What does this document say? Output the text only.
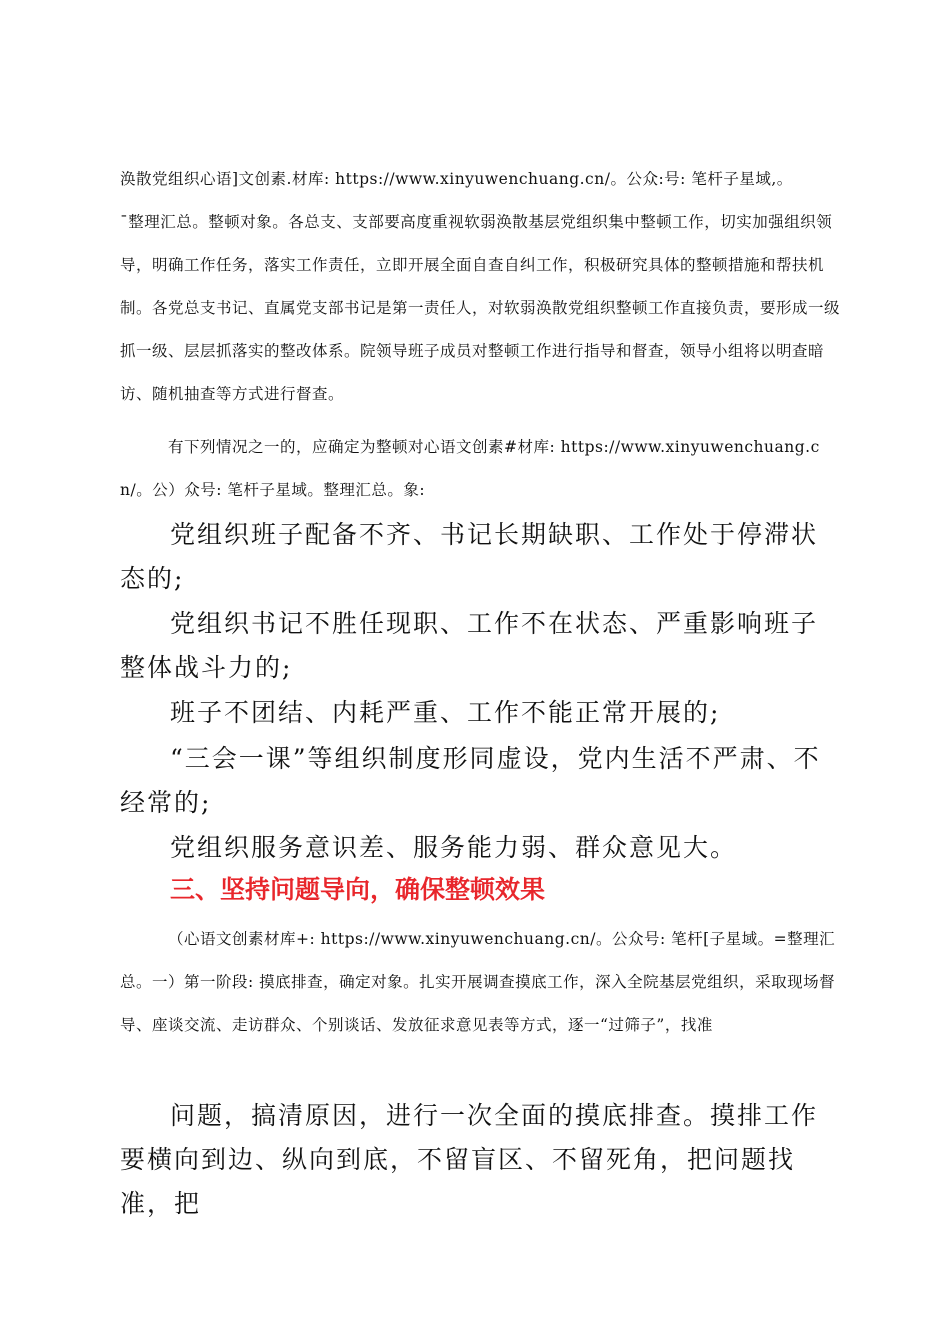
涣散党组织心语]文创素.材库: https://www.xinyuwenchuang.cn/。公众:号: 笔杆子星域,。

¯整理汇总。整顿对象。各总支、支部要高度重视软弱涣散基层党组织集中整顿工作，切实加强组织领导，明确工作任务，落实工作责任，立即开展全面自查自纠工作，积极研究具体的整顿措施和帮扶机制。各党总支书记、直属党支部书记是第一责任人，对软弱涣散党组织整顿工作直接负责，要形成一级抓一级、层层抓落实的整改体系。院领导班子成员对整顿工作进行指导和督查，领导小组将以明查暗访、随机抽查等方式进行督查。

有下列情况之一的，应确定为整顿对心语文创素#材库: https://www.xinyuwenchuang.cn/。公）众号: 笔杆子星域。整理汇总。象:

党组织班子配备不齐、书记长期缺职、工作处于停滞状态的;

党组织书记不胜任现职、工作不在状态、严重影响班子整体战斗力的;

班子不团结、内耗严重、工作不能正常开展的;

“三会一课”等组织制度形同虚设，党内生活不严肃、不经常的;

党组织服务意识差、服务能力弱、群众意见大。

三、坚持问题导向，确保整顿效果

（心语文创素材库+: https://www.xinyuwenchuang.cn/。公众号: 笔杆[子星域。=整理汇总。一）第一阶段: 摸底排查，确定对象。扎实开展调查摸底工作，深入全院基层党组织，采取现场督导、座谈交流、走访群众、个别谈话、发放征求意见表等方式，逐一“过筛子”，找准

问题，搞清原因，进行一次全面的摸底排查。摸排工作要横向到边、纵向到底，不留盲区、不留死角，把问题找准，把
